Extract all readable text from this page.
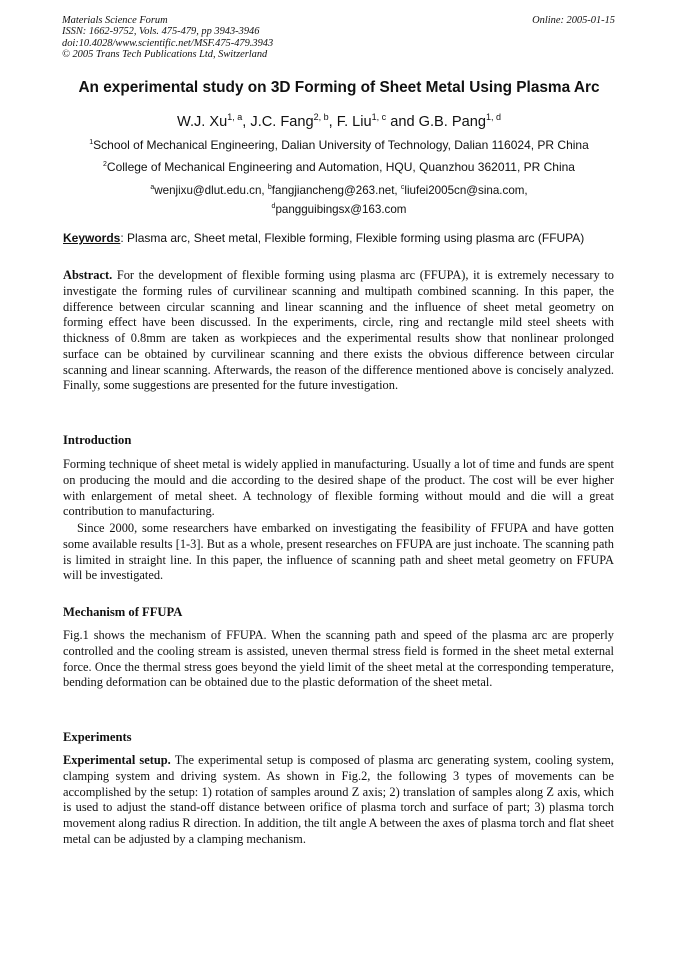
Materials Science Forum
ISSN: 1662-9752, Vols. 475-479, pp 3943-3946
doi:10.4028/www.scientific.net/MSF.475-479.3943
© 2005 Trans Tech Publications Ltd, Switzerland
Online: 2005-01-15
An experimental study on 3D Forming of Sheet Metal Using Plasma Arc
W.J. Xu$^{1, a}$, J.C. Fang$^{2, b}$, F. Liu$^{1, c}$ and G.B. Pang$^{1, d}$
$^1$School of Mechanical Engineering, Dalian University of Technology, Dalian 116024, PR China
$^2$College of Mechanical Engineering and Automation, HQU, Quanzhou 362011, PR China
$^a$wenjixu@dlut.edu.cn, $^b$fangjiancheng@263.net, $^c$liufei2005cn@sina.com,
$^d$pangguibingsx@163.com
Keywords: Plasma arc, Sheet metal, Flexible forming, Flexible forming using plasma arc (FFUPA)
Abstract. For the development of flexible forming using plasma arc (FFUPA), it is extremely necessary to investigate the forming rules of curvilinear scanning and multipath combined scanning. In this paper, the difference between circular scanning and linear scanning and the influence of sheet metal geometry on forming effect have been discussed. In the experiments, circle, ring and rectangle mild steel sheets with thickness of 0.8mm are taken as workpieces and the experimental results show that nonlinear prolonged surface can be obtained by curvilinear scanning and there exists the obvious difference between circular scanning and linear scanning. Afterwards, the reason of the difference mentioned above is concisely analyzed. Finally, some suggestions are presented for the future investigation.
Introduction
Forming technique of sheet metal is widely applied in manufacturing. Usually a lot of time and funds are spent on producing the mould and die according to the desired shape of the product. The cost will be ever higher with enlargement of metal sheet. A technology of flexible forming without mould and die will a great contribution to manufacturing.
Since 2000, some researchers have embarked on investigating the feasibility of FFUPA and have gotten some available results [1-3]. But as a whole, present researches on FFUPA are just inchoate. The scanning path is limited in straight line. In this paper, the influence of scanning path and sheet metal geometry on FFUPA will be investigated.
Mechanism of FFUPA
Fig.1 shows the mechanism of FFUPA. When the scanning path and speed of the plasma arc are properly controlled and the cooling stream is assisted, uneven thermal stress field is formed in the sheet metal external force. Once the thermal stress goes beyond the yield limit of the sheet metal at the corresponding temperature, bending deformation can be obtained due to the plastic deformation of the sheet metal.
Experiments
Experimental setup. The experimental setup is composed of plasma arc generating system, cooling system, clamping system and driving system. As shown in Fig.2, the following 3 types of movements can be accomplished by the setup: 1) rotation of samples around Z axis; 2) translation of samples along Z axis, which is used to adjust the stand-off distance between orifice of plasma torch and surface of part; 3) plasma torch movement along radius R direction. In addition, the tilt angle A between the axes of plasma torch and flat sheet metal can be adjusted by a clamping mechanism.
